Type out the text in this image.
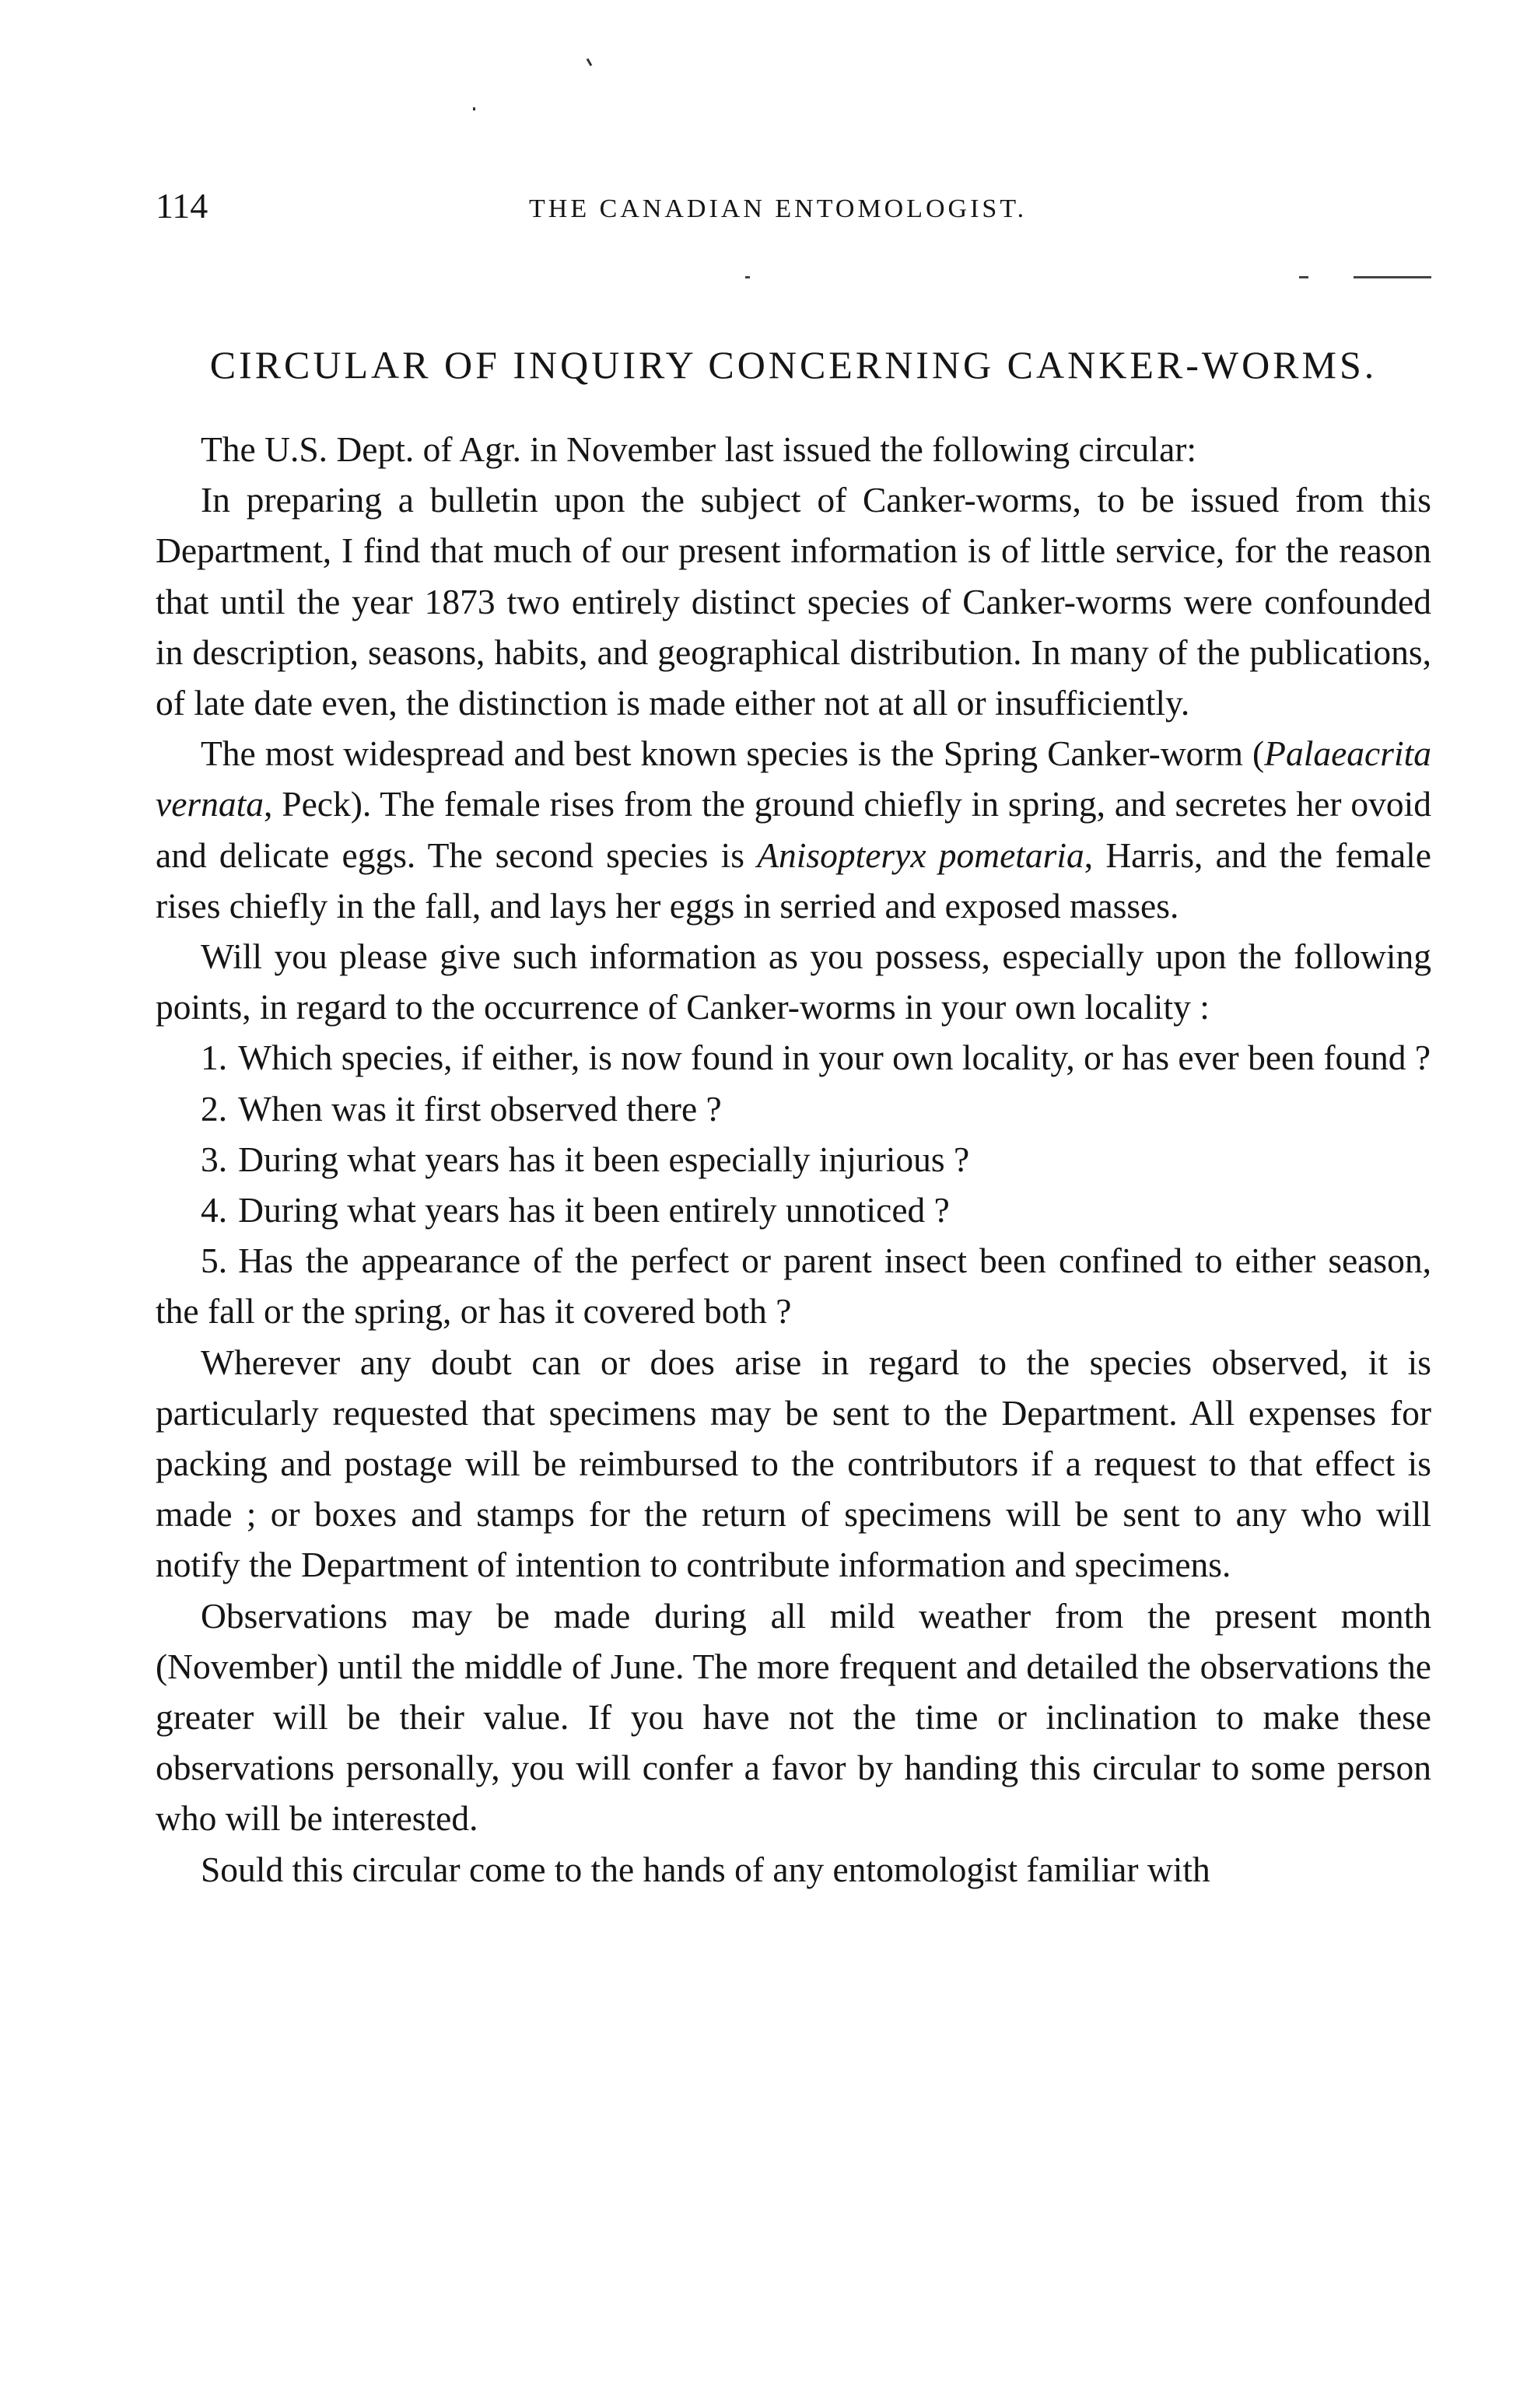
114	THE CANADIAN ENTOMOLOGIST.
CIRCULAR OF INQUIRY CONCERNING CANKER-WORMS.

The U.S. Dept. of Agr. in November last issued the following circular:

In preparing a bulletin upon the subject of Canker-worms, to be issued from this Department, I find that much of our present information is of little service, for the reason that until the year 1873 two entirely distinct species of Canker-worms were confounded in description, seasons, habits, and geographical distribution. In many of the publications, of late date even, the distinction is made either not at all or insufficiently.

The most widespread and best known species is the Spring Canker-worm (Palaeacrita vernata, Peck). The female rises from the ground chiefly in spring, and secretes her ovoid and delicate eggs. The second species is Anisopteryx pometaria, Harris, and the female rises chiefly in the fall, and lays her eggs in serried and exposed masses.

Will you please give such information as you possess, especially upon the following points, in regard to the occurrence of Canker-worms in your own locality :

1. Which species, if either, is now found in your own locality, or has ever been found ?

2. When was it first observed there ?

3. During what years has it been especially injurious ?

4. During what years has it been entirely unnoticed ?

5. Has the appearance of the perfect or parent insect been confined to either season, the fall or the spring, or has it covered both ?

Wherever any doubt can or does arise in regard to the species observed, it is particularly requested that specimens may be sent to the Department. All expenses for packing and postage will be reimbursed to the contributors if a request to that effect is made ; or boxes and stamps for the return of specimens will be sent to any who will notify the Department of intention to contribute information and specimens.

Observations may be made during all mild weather from the present month (November) until the middle of June. The more frequent and detailed the observations the greater will be their value. If you have not the time or inclination to make these observations personally, you will confer a favor by handing this circular to some person who will be interested.

Sould this circular come to the hands of any entomologist familiar with
